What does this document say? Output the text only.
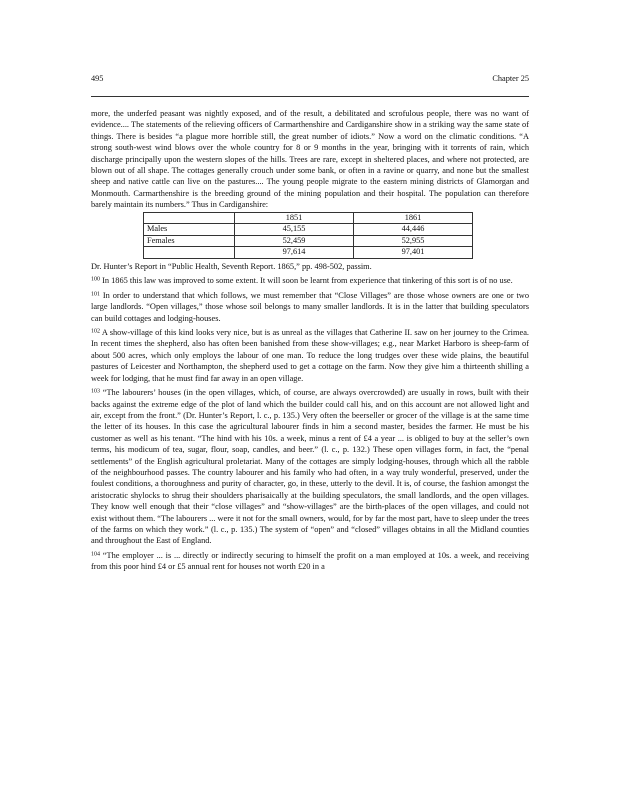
495	Chapter 25

more, the underfed peasant was nightly exposed, and of the result, a debilitated and scrofulous people, there was no want of evidence.... The statements of the relieving officers of Carmarthenshire and Cardiganshire show in a striking way the same state of things. There is besides “a plague more horrible still, the great number of idiots.” Now a word on the climatic conditions. “A strong south-west wind blows over the whole country for 8 or 9 months in the year, bringing with it torrents of rain, which discharge principally upon the western slopes of the hills. Trees are rare, except in sheltered places, and where not protected, are blown out of all shape. The cottages generally crouch under some bank, or often in a ravine or quarry, and none but the smallest sheep and native cattle can live on the pastures.... The young people migrate to the eastern mining districts of Glamorgan and Monmouth. Carmarthenshire is the breeding ground of the mining population and their hospital. The population can therefore barely maintain its numbers.” Thus in Cardiganshire:

	1851	1861
Males	45,155	44,446
Females	52,459	52,955
	97,614	97,401

Dr. Hunter’s Report in “Public Health, Seventh Report. 1865,” pp. 498-502, passim.

$^{100}$ In 1865 this law was improved to some extent. It will soon be learnt from experience that tinkering of this sort is of no use.

$^{101}$ In order to understand that which follows, we must remember that “Close Villages” are those whose owners are one or two large landlords. “Open villages,” those whose soil belongs to many smaller landlords. It is in the latter that building speculators can build cottages and lodging-houses.

$^{102}$ A show-village of this kind looks very nice, but is as unreal as the villages that Catherine II. saw on her journey to the Crimea. In recent times the shepherd, also has often been banished from these show-villages; e.g., near Market Harboro is sheep-farm of about 500 acres, which only employs the labour of one man. To reduce the long trudges over these wide plains, the beautiful pastures of Leicester and Northampton, the shepherd used to get a cottage on the farm. Now they give him a thirteenth shilling a week for lodging, that he must find far away in an open village.

$^{103}$ “The labourers’ houses (in the open villages, which, of course, are always overcrowded) are usually in rows, built with their backs against the extreme edge of the plot of land which the builder could call his, and on this account are not allowed light and air, except from the front.” (Dr. Hunter’s Report, l. c., p. 135.) Very often the beerseller or grocer of the village is at the same time the letter of its houses. In this case the agricultural labourer finds in him a second master, besides the farmer. He must be his customer as well as his tenant. “The hind with his 10s. a week, minus a rent of £4 a year ... is obliged to buy at the seller’s own terms, his modicum of tea, sugar, flour, soap, candles, and beer.” (l. c., p. 132.) These open villages form, in fact, the “penal settlements” of the English agricultural proletariat. Many of the cottages are simply lodging-houses, through which all the rabble of the neighbourhood passes. The country labourer and his family who had often, in a way truly wonderful, preserved, under the foulest conditions, a thoroughness and purity of character, go, in these, utterly to the devil. It is, of course, the fashion amongst the aristocratic shylocks to shrug their shoulders pharisaically at the building speculators, the small landlords, and the open villages. They know well enough that their “close villages” and “show-villages” are the birth-places of the open villages, and could not exist without them. “The labourers ... were it not for the small owners, would, for by far the most part, have to sleep under the trees of the farms on which they work.” (l. c., p. 135.) The system of “open” and “closed” villages obtains in all the Midland counties and throughout the East of England.

$^{104}$ “The employer ... is ... directly or indirectly securing to himself the profit on a man employed at 10s. a week, and receiving from this poor hind £4 or £5 annual rent for houses not worth £20 in a
